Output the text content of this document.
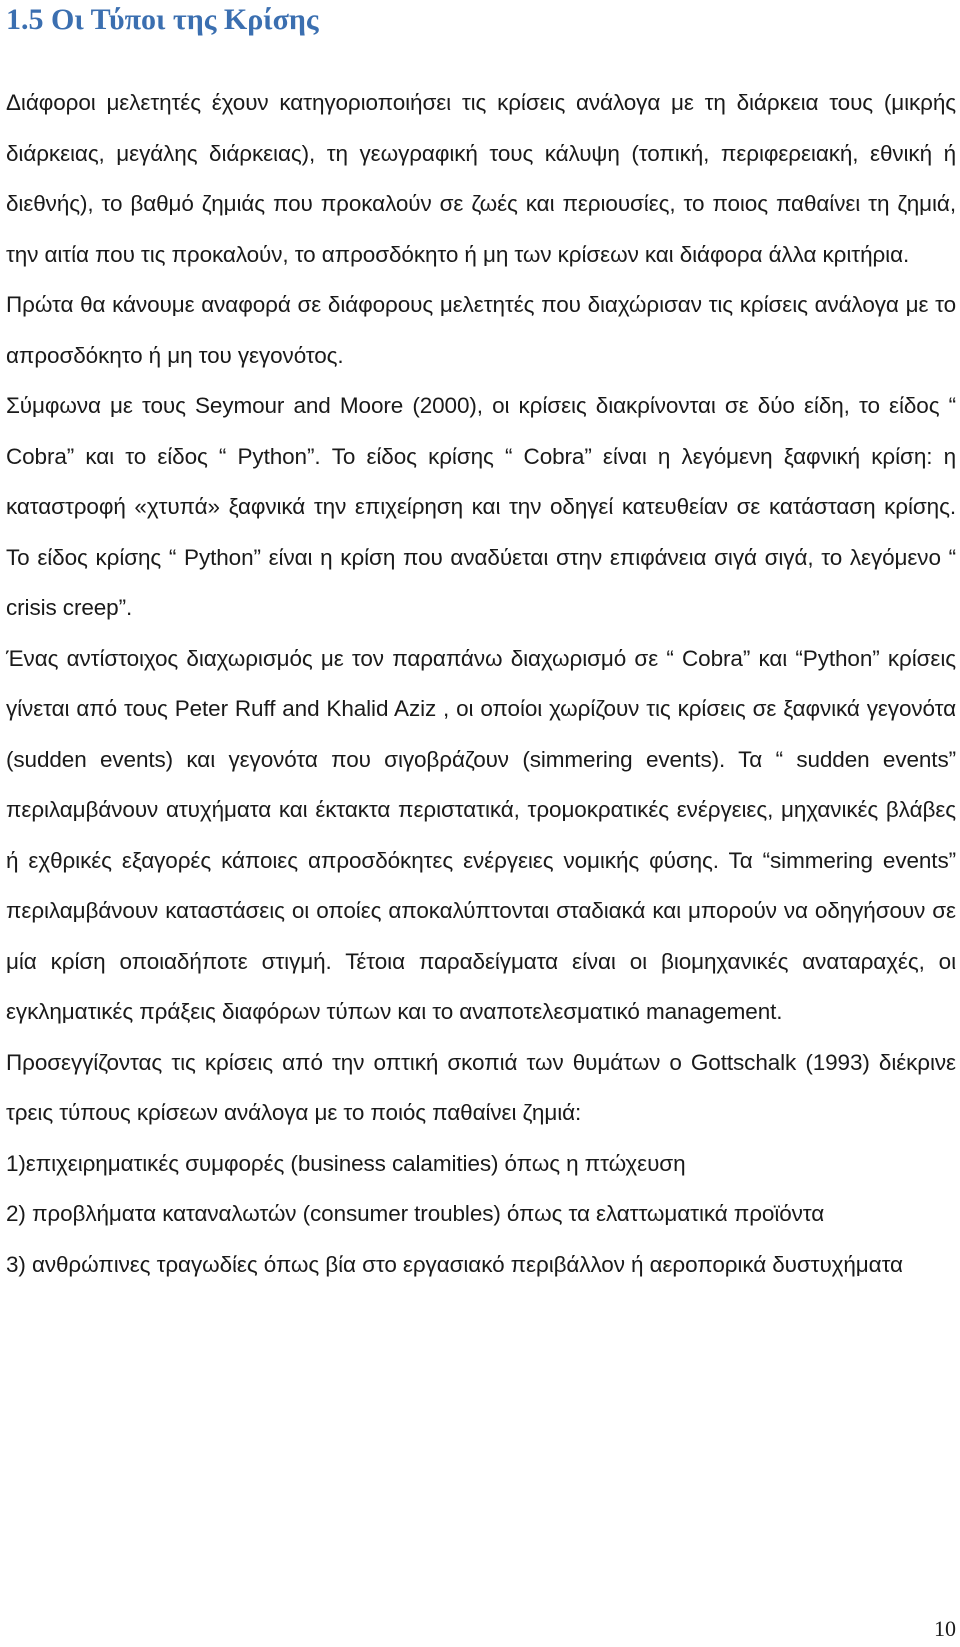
1.5 Οι Τύποι της Κρίσης

Διάφοροι μελετητές έχουν κατηγοριοποιήσει τις κρίσεις ανάλογα με τη διάρκεια τους (μικρής διάρκειας, μεγάλης διάρκειας), τη γεωγραφική τους κάλυψη (τοπική, περιφερειακή, εθνική ή διεθνής), το βαθμό ζημιάς που προκαλούν σε ζωές και περιουσίες, το ποιος παθαίνει τη ζημιά, την αιτία που τις προκαλούν, το απροσδόκητο ή μη των κρίσεων και διάφορα άλλα κριτήρια.

Πρώτα θα κάνουμε αναφορά σε διάφορους μελετητές που διαχώρισαν τις κρίσεις ανάλογα με το απροσδόκητο ή μη του γεγονότος.

Σύμφωνα με τους Seymour and Moore (2000), οι κρίσεις διακρίνονται σε δύο είδη, το είδος “ Cobra” και το είδος “ Python”. Το είδος κρίσης “ Cobra” είναι η λεγόμενη ξαφνική κρίση: η καταστροφή «χτυπά» ξαφνικά την επιχείρηση και την οδηγεί κατευθείαν σε κατάσταση κρίσης. Το είδος κρίσης “ Python” είναι η κρίση που αναδύεται στην επιφάνεια σιγά σιγά, το λεγόμενο “ crisis creep”.

Ένας αντίστοιχος διαχωρισμός με τον παραπάνω διαχωρισμό σε “ Cobra” και “Python” κρίσεις γίνεται από τους Peter Ruff and Khalid Aziz , οι οποίοι χωρίζουν τις κρίσεις σε ξαφνικά γεγονότα (sudden events) και γεγονότα που σιγοβράζουν (simmering events). Τα “ sudden events” περιλαμβάνουν ατυχήματα και έκτακτα περιστατικά, τρομοκρατικές ενέργειες, μηχανικές βλάβες ή εχθρικές εξαγορές κάποιες απροσδόκητες ενέργειες νομικής φύσης. Τα “simmering events” περιλαμβάνουν καταστάσεις οι οποίες αποκαλύπτονται σταδιακά και μπορούν να οδηγήσουν σε μία κρίση οποιαδήποτε στιγμή. Τέτοια παραδείγματα είναι οι βιομηχανικές αναταραχές, οι εγκληματικές πράξεις διαφόρων τύπων και το αναποτελεσματικό management.

Προσεγγίζοντας τις κρίσεις από την οπτική σκοπιά των θυμάτων ο Gottschalk (1993) διέκρινε τρεις τύπους κρίσεων ανάλογα με το ποιός παθαίνει ζημιά:

1)επιχειρηματικές συμφορές (business calamities) όπως η πτώχευση

2) προβλήματα καταναλωτών (consumer troubles) όπως τα ελαττωματικά προϊόντα

3) ανθρώπινες τραγωδίες όπως βία στο εργασιακό περιβάλλον ή αεροπορικά δυστυχήματα

10
